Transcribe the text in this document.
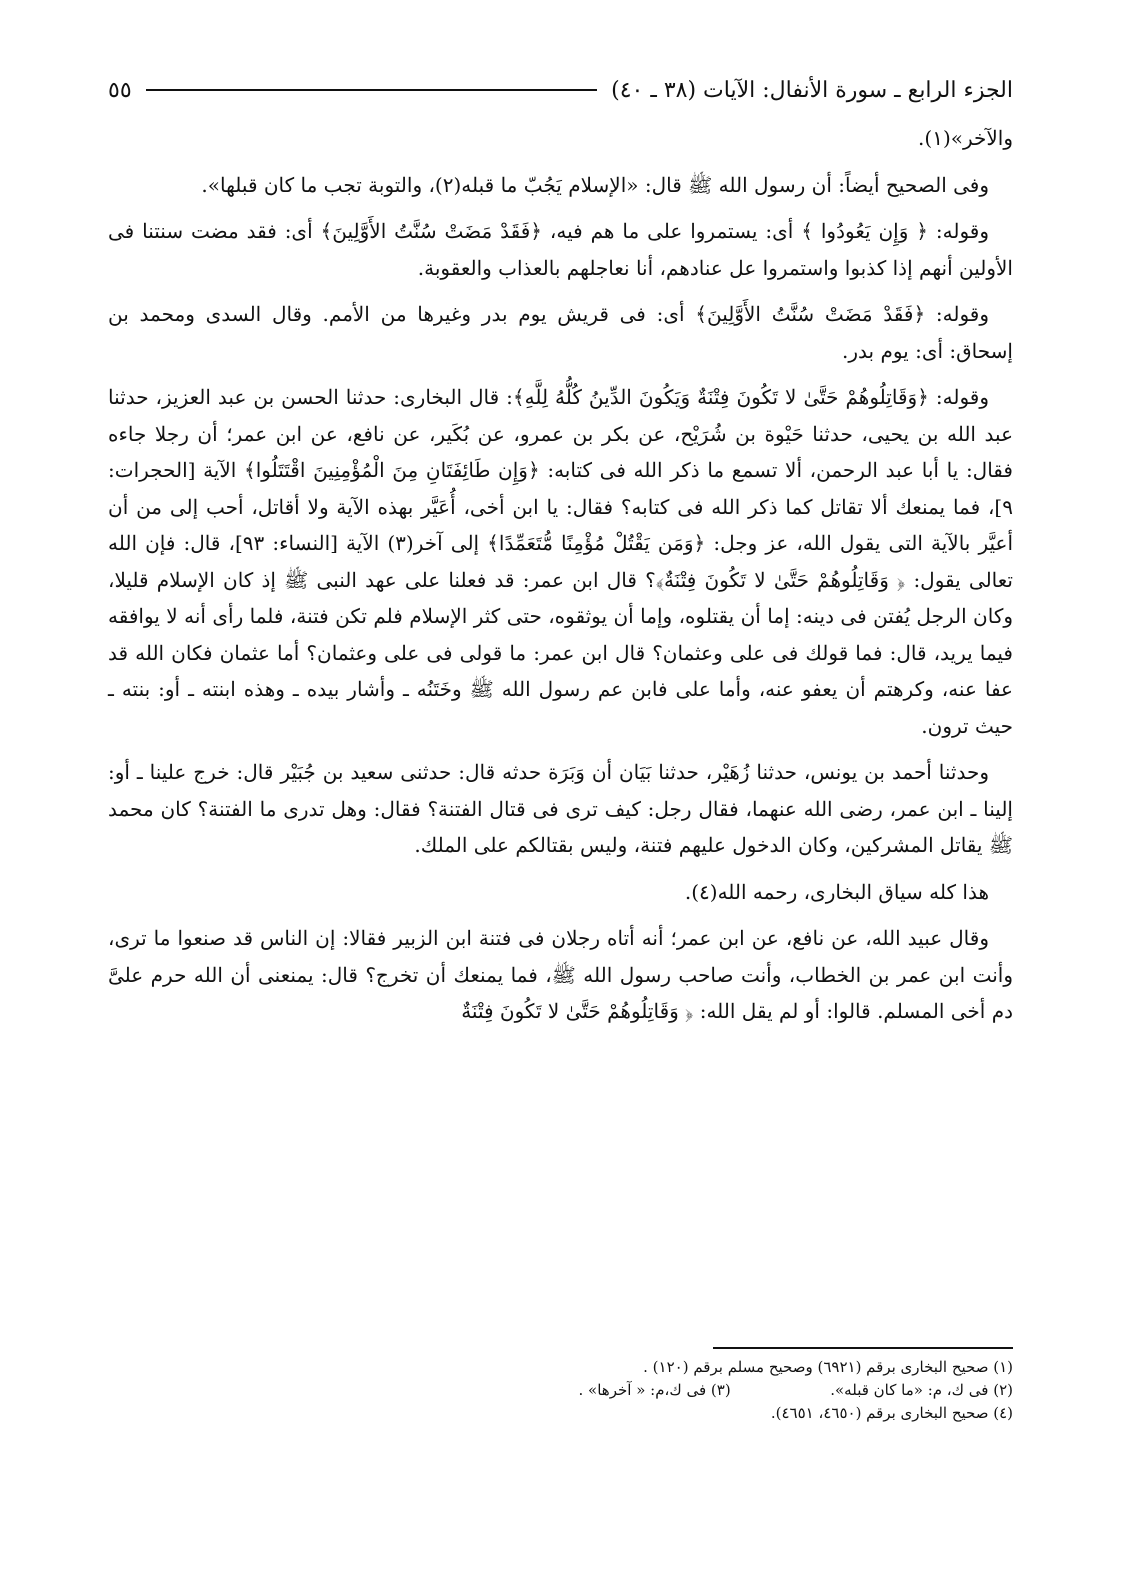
الجزء الرابع ـ سورة الأنفال: الآيات (٣٨ ـ ٤٠)
٥٥

والآخر»(١).

وفى الصحيح أيضاً: أن رسول الله ﷺ قال: «الإسلام يَجُبّ ما قبله(٢)، والتوبة تجب ما كان قبلها».

وقوله: ﴿ وَإِن يَعُودُوا ﴾ أى: يستمروا على ما هم فيه، ﴿فَقَدْ مَضَتْ سُنَّتُ الأَوَّلِينَ﴾ أى: فقد مضت سنتنا فى الأولين أنهم إذا كذبوا واستمروا عل عنادهم، أنا نعاجلهم بالعذاب والعقوبة.

وقوله: ﴿فَقَدْ مَضَتْ سُنَّتُ الأَوَّلِينَ﴾ أى: فى قريش يوم بدر وغيرها من الأمم. وقال السدى ومحمد بن إسحاق: أى: يوم بدر.

وقوله: ﴿وَقَاتِلُوهُمْ حَتَّىٰ لا تَكُونَ فِتْنَةٌ وَيَكُونَ الدِّينُ كُلُّهُ لِلَّهِ﴾: قال البخارى: حدثنا الحسن بن عبد العزيز، حدثنا عبد الله بن يحيى، حدثنا حَيْوة بن شُرَيْح، عن بكر بن عمرو، عن بُكَير، عن نافع، عن ابن عمر؛ أن رجلا جاءه فقال: يا أبا عبد الرحمن، ألا تسمع ما ذكر الله فى كتابه: ﴿وَإِن طَائِفَتَانِ مِنَ الْمُؤْمِنِينَ اقْتَتَلُوا﴾ الآية [الحجرات: ٩]، فما يمنعك ألا تقاتل كما ذكر الله فى كتابه؟ فقال: يا ابن أخى، أُعَيَّر بهذه الآية ولا أقاتل، أحب إلى من أن أعيَّر بالآية التى يقول الله، عز وجل: ﴿وَمَن يَقْتُلْ مُؤْمِنًا مُّتَعَمِّدًا﴾ إلى آخر(٣) الآية [النساء: ٩٣]، قال: فإن الله تعالى يقول: ﴿ وَقَاتِلُوهُمْ حَتَّىٰ لا تَكُونَ فِتْنَةٌ﴾؟ قال ابن عمر: قد فعلنا على عهد النبى ﷺ إذ كان الإسلام قليلا، وكان الرجل يُفتن فى دينه: إما أن يقتلوه، وإما أن يوثقوه، حتى كثر الإسلام فلم تكن فتنة، فلما رأى أنه لا يوافقه فيما يريد، قال: فما قولك فى على وعثمان؟ قال ابن عمر: ما قولى فى على وعثمان؟ أما عثمان فكان الله قد عفا عنه، وكرهتم أن يعفو عنه، وأما على فابن عم رسول الله ﷺ وخَتَنُه ـ وأشار بيده ـ وهذه ابنته ـ أو: بنته ـ حيث ترون.

وحدثنا أحمد بن يونس، حدثنا زُهَيْر، حدثنا بَيَان أن وَبَرَة حدثه قال: حدثنى سعيد بن جُبَيْر قال: خرج علينا ـ أو: إلينا ـ ابن عمر، رضى الله عنهما، فقال رجل: كيف ترى فى قتال الفتنة؟ فقال: وهل تدرى ما الفتنة؟ كان محمد ﷺ يقاتل المشركين، وكان الدخول عليهم فتنة، وليس بقتالكم على الملك.

هذا كله سياق البخارى، رحمه الله(٤).

وقال عبيد الله، عن نافع، عن ابن عمر؛ أنه أتاه رجلان فى فتنة ابن الزبير فقالا: إن الناس قد صنعوا ما ترى، وأنت ابن عمر بن الخطاب، وأنت صاحب رسول الله ﷺ، فما يمنعك أن تخرج؟ قال: يمنعنى أن الله حرم علىَّ دم أخى المسلم. قالوا: أو لم يقل الله: ﴿ وَقَاتِلُوهُمْ حَتَّىٰ لا تَكُونَ فِتْنَةٌ

(١) صحيح البخارى برقم (٦٩٢١) وصحيح مسلم برقم (١٢٠) .
(٢) فى ك، م: «ما كان قبله».  (٣) فى ك،م: « آخرها» .
(٤) صحيح البخارى برقم (٤٦٥٠، ٤٦٥١).
